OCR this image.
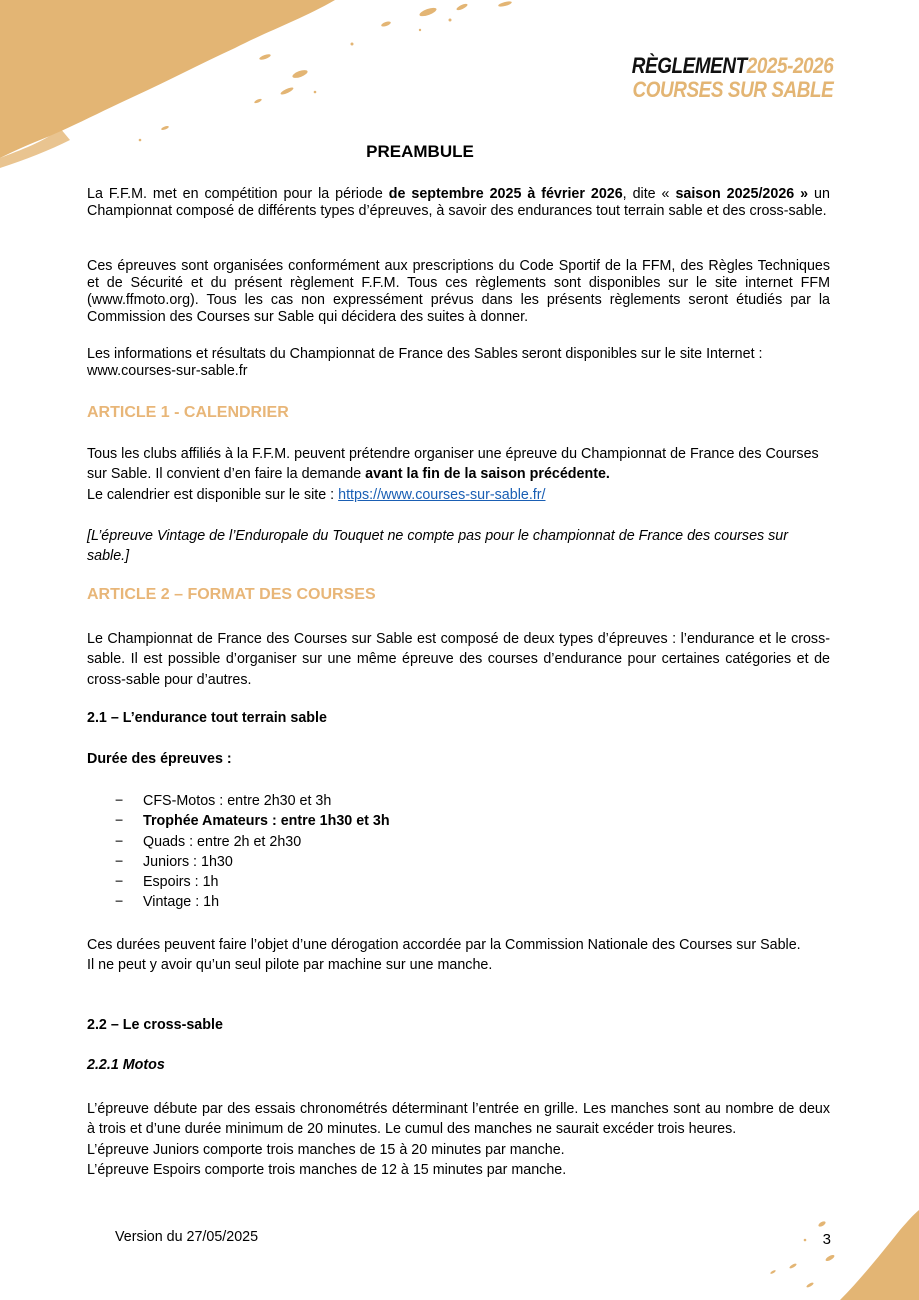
RÈGLEMENT2025-2026
COURSES SUR SABLE
PREAMBULE
La F.F.M. met en compétition pour la période de septembre 2025 à février 2026, dite « saison 2025/2026 » un Championnat composé de différents types d’épreuves, à savoir des endurances tout terrain sable et des cross-sable.
Ces épreuves sont organisées conformément aux prescriptions du Code Sportif de la FFM, des Règles Techniques et de Sécurité et du présent règlement F.F.M. Tous ces règlements sont disponibles sur le site internet FFM (www.ffmoto.org). Tous les cas non expressément prévus dans les présents règlements seront étudiés par la Commission des Courses sur Sable qui décidera des suites à donner.
Les informations et résultats du Championnat de France des Sables seront disponibles sur le site Internet : www.courses-sur-sable.fr
ARTICLE 1 - CALENDRIER
Tous les clubs affiliés à la F.F.M. peuvent prétendre organiser une épreuve du Championnat de France des Courses sur Sable. Il convient d’en faire la demande avant la fin de la saison précédente.
Le calendrier est disponible sur le site : https://www.courses-sur-sable.fr/
[L’épreuve Vintage de l’Enduropale du Touquet ne compte pas pour le championnat de France des courses sur sable.]
ARTICLE 2 – FORMAT DES COURSES
Le Championnat de France des Courses sur Sable est composé de deux types d’épreuves : l’endurance et le cross-sable. Il est possible d’organiser sur une même épreuve des courses d’endurance pour certaines catégories et de cross-sable pour d’autres.
2.1 – L’endurance tout terrain sable
Durée des épreuves :
− CFS-Motos : entre 2h30 et 3h
− Trophée Amateurs : entre 1h30 et 3h
− Quads : entre 2h et 2h30
− Juniors : 1h30
− Espoirs : 1h
− Vintage : 1h
Ces durées peuvent faire l’objet d’une dérogation accordée par la Commission Nationale des Courses sur Sable.
Il ne peut y avoir qu’un seul pilote par machine sur une manche.
2.2 – Le cross-sable
2.2.1 Motos
L’épreuve débute par des essais chronométrés déterminant l’entrée en grille. Les manches sont au nombre de deux à trois et d’une durée minimum de 20 minutes. Le cumul des manches ne saurait excéder trois heures.
L’épreuve Juniors comporte trois manches de 15 à 20 minutes par manche.
L’épreuve Espoirs comporte trois manches de 12 à 15 minutes par manche.
Version du 27/05/2025	3
